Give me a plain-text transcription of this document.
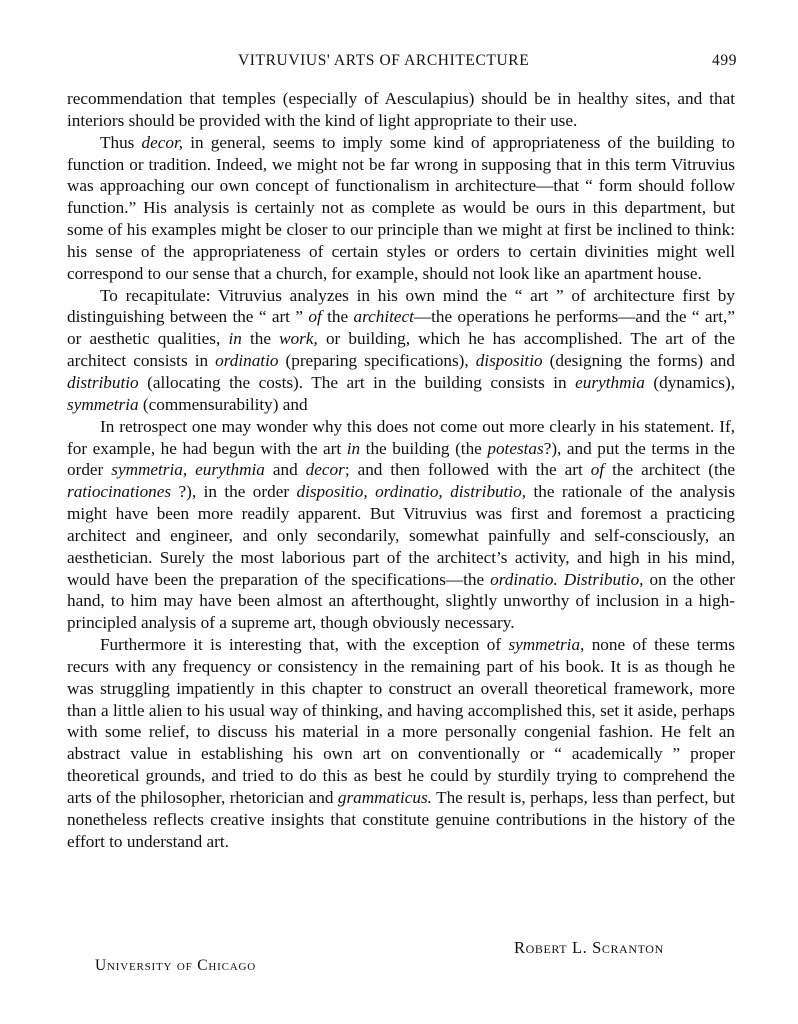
VITRUVIUS' ARTS OF ARCHITECTURE	499

recommendation that temples (especially of Aesculapius) should be in healthy sites, and that interiors should be provided with the kind of light appropriate to their use.

Thus decor, in general, seems to imply some kind of appropriateness of the building to function or tradition. Indeed, we might not be far wrong in supposing that in this term Vitruvius was approaching our own concept of functionalism in architecture—that “ form should follow function.” His analysis is certainly not as complete as would be ours in this department, but some of his examples might be closer to our principle than we might at first be inclined to think: his sense of the appropriateness of certain styles or orders to certain divinities might well correspond to our sense that a church, for example, should not look like an apartment house.

To recapitulate: Vitruvius analyzes in his own mind the “ art ” of architecture first by distinguishing between the “ art ” of the architect—the operations he performs—and the “ art,” or aesthetic qualities, in the work, or building, which he has accomplished. The art of the architect consists in ordinatio (preparing specifications), dispositio (designing the forms) and distributio (allocating the costs). The art in the building consists in eurythmia (dynamics), symmetria (commensurability) and

In retrospect one may wonder why this does not come out more clearly in his statement. If, for example, he had begun with the art in the building (the potestas?), and put the terms in the order symmetria, eurythmia and decor; and then followed with the art of the architect (the ratiocinationes ?), in the order dispositio, ordinatio, distributio, the rationale of the analysis might have been more readily apparent. But Vitruvius was first and foremost a practicing architect and engineer, and only secondarily, somewhat painfully and self-consciously, an aesthetician. Surely the most laborious part of the architect’s activity, and high in his mind, would have been the preparation of the specifications—the ordinatio. Distributio, on the other hand, to him may have been almost an afterthought, slightly unworthy of inclusion in a high-principled analysis of a supreme art, though obviously necessary.

Furthermore it is interesting that, with the exception of symmetria, none of these terms recurs with any frequency or consistency in the remaining part of his book. It is as though he was struggling impatiently in this chapter to construct an overall theoretical framework, more than a little alien to his usual way of thinking, and having accomplished this, set it aside, perhaps with some relief, to discuss his material in a more personally congenial fashion. He felt an abstract value in establishing his own art on conventionally or “ academically ” proper theoretical grounds, and tried to do this as best he could by sturdily trying to comprehend the arts of the philosopher, rhetorician and grammaticus. The result is, perhaps, less than perfect, but nonetheless reflects creative insights that constitute genuine contributions in the history of the effort to understand art.

Robert L. Scranton
University of Chicago
